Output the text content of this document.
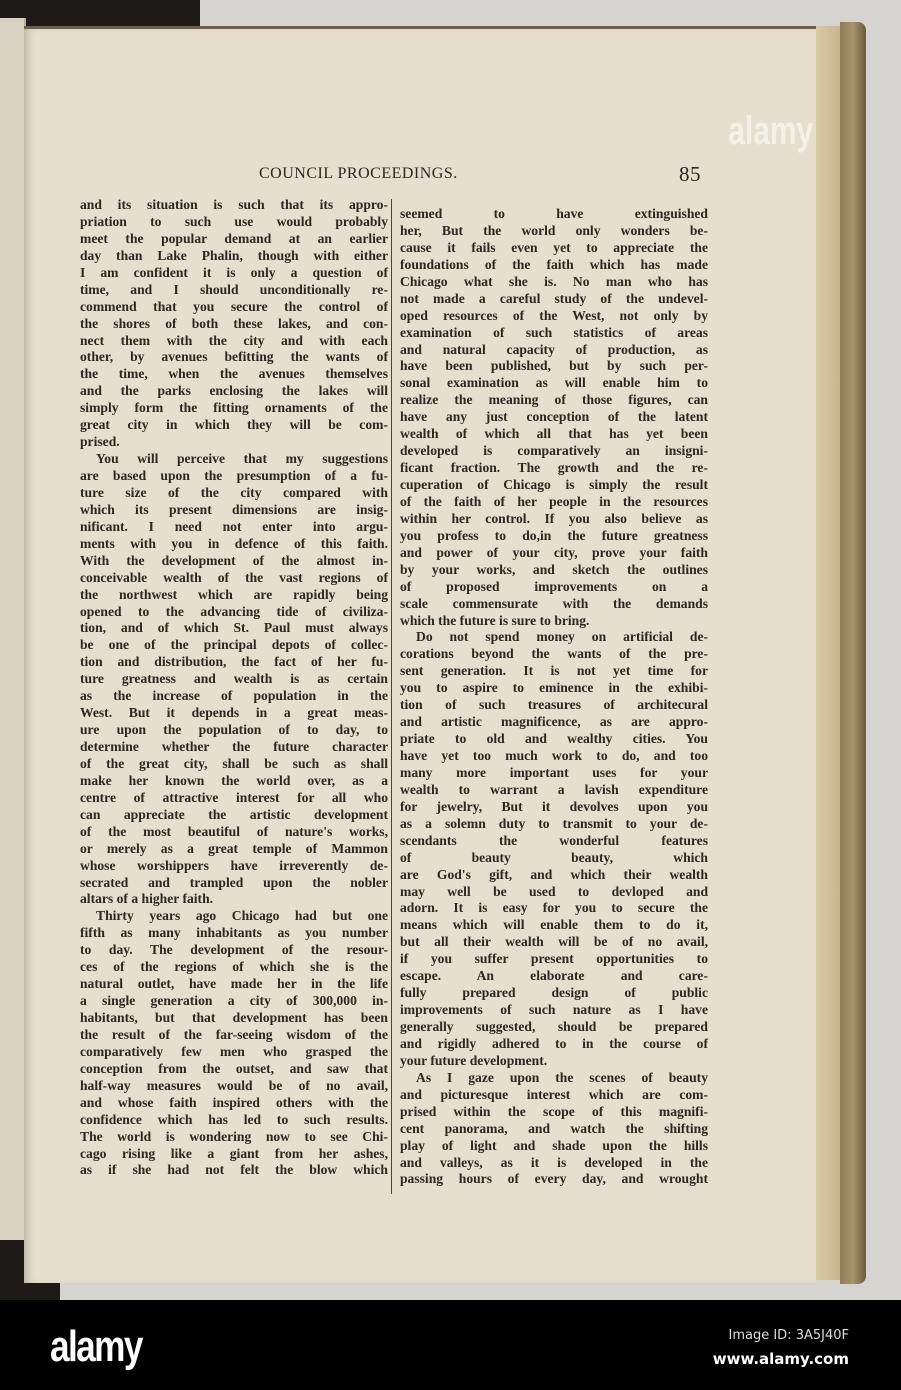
COUNCIL PROCEEDINGS.	85
and its situation is such that its appro-
priation to such use would probably
meet the popular demand at an earlier
day than Lake Phalin, though with either
I am confident it is only a question of
time, and I should unconditionally re-
commend that you secure the control of
the shores of both these lakes, and con-
nect them with the city and with each
other, by avenues befitting the wants of
the time, when the avenues themselves
and the parks enclosing the lakes will
simply form the fitting ornaments of the
great city in which they will be com-
prised.
You will perceive that my suggestions
are based upon the presumption of a fu-
ture size of the city compared with
which its present dimensions are insig-
nificant. I need not enter into argu-
ments with you in defence of this faith.
With the development of the almost in-
conceivable wealth of the vast regions of
the northwest which are rapidly being
opened to the advancing tide of civiliza-
tion, and of which St. Paul must always
be one of the principal depots of collec-
tion and distribution, the fact of her fu-
ture greatness and wealth is as certain
as the increase of population in the
West. But it depends in a great meas-
ure upon the population of to day, to
determine whether the future character
of the great city, shall be such as shall
make her known the world over, as a
centre of attractive interest for all who
can appreciate the artistic development
of the most beautiful of nature's works,
or merely as a great temple of Mammon
whose worshippers have irreverently de-
secrated and trampled upon the nobler
altars of a higher faith.
Thirty years ago Chicago had but one
fifth as many inhabitants as you number
to day. The development of the resour-
ces of the regions of which she is the
natural outlet, have made her in the life
a single generation a city of 300,000 in-
habitants, but that development has been
the result of the far-seeing wisdom of the
comparatively few men who grasped the
conception from the outset, and saw that
half-way measures would be of no avail,
and whose faith inspired others with the
confidence which has led to such results.
The world is wondering now to see Chi-
cago rising like a giant from her ashes,
as if she had not felt the blow which
seemed to have extinguished
her, But the world only wonders be-
cause it fails even yet to appreciate the
foundations of the faith which has made
Chicago what she is. No man who has
not made a careful study of the undevel-
oped resources of the West, not only by
examination of such statistics of areas
and natural capacity of production, as
have been published, but by such per-
sonal examination as will enable him to
realize the meaning of those figures, can
have any just conception of the latent
wealth of which all that has yet been
developed is comparatively an insigni-
ficant fraction. The growth and the re-
cuperation of Chicago is simply the result
of the faith of her people in the resources
within her control. If you also believe as
you profess to do,in the future greatness
and power of your city, prove your faith
by your works, and sketch the outlines
of proposed improvements on a
scale commensurate with the demands
which the future is sure to bring.
Do not spend money on artificial de-
corations beyond the wants of the pre-
sent generation. It is not yet time for
you to aspire to eminence in the exhibi-
tion of such treasures of architecural
and artistic magnificence, as are appro-
priate to old and wealthy cities. You
have yet too much work to do, and too
many more important uses for your
wealth to warrant a lavish expenditure
for jewelry, But it devolves upon you
as a solemn duty to transmit to your de-
scendants the wonderful features
of beauty beauty, which
are God's gift, and which their wealth
may well be used to devloped and
adorn. It is easy for you to secure the
means which will enable them to do it,
but all their wealth will be of no avail,
if you suffer present opportunities to
escape. An elaborate and care-
fully prepared design of public
improvements of such nature as I have
generally suggested, should be prepared
and rigidly adhered to in the course of
your future development.
As I gaze upon the scenes of beauty
and picturesque interest which are com-
prised within the scope of this magnifi-
cent panorama, and watch the shifting
play of light and shade upon the hills
and valleys, as it is developed in the
passing hours of every day, and wrought
alamy
alamy	Image ID: 3A5J40F
www.alamy.com
